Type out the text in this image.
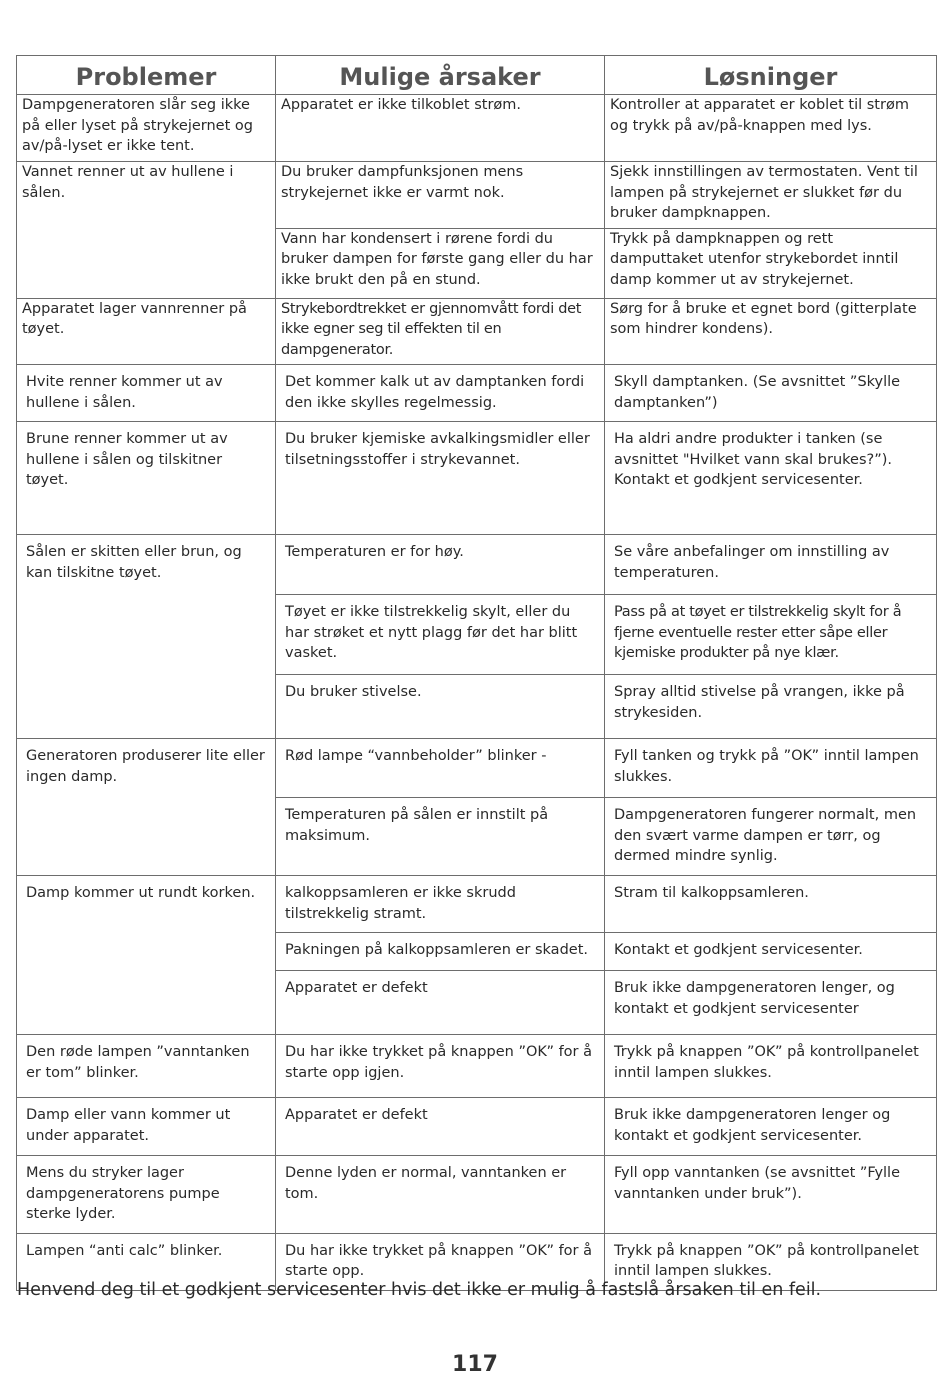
Problemer	Mulige årsaker	Løsninger
Dampgeneratoren slår seg ikke på eller lyset på strykejernet og av/på-lyset er ikke tent.	Apparatet er ikke tilkoblet strøm.	Kontroller at apparatet er koblet til strøm og trykk på av/på-knappen med lys.
Vannet renner ut av hullene i sålen.	Du bruker dampfunksjonen mens strykejernet ikke er varmt nok.	Sjekk innstillingen av termostaten. Vent til lampen på strykejernet er slukket før du bruker dampknappen.
	Vann har kondensert i rørene fordi du bruker dampen for første gang eller du har ikke brukt den på en stund.	Trykk på dampknappen og rett damputtaket utenfor strykebordet inntil damp kommer ut av strykejernet.
Apparatet lager vannrenner på tøyet.	Strykebordtrekket er gjennomvått fordi det ikke egner seg til effekten til en dampgenerator.	Sørg for å bruke et egnet bord (gitterplate som hindrer kondens).
Hvite renner kommer ut av hullene i sålen.	Det kommer kalk ut av damptanken fordi den ikke skylles regelmessig.	Skyll damptanken. (Se avsnittet ”Skylle damptanken”)
Brune renner kommer ut av hullene i sålen og tilskitner tøyet.	Du bruker kjemiske avkalkingsmidler eller tilsetningsstoffer i strykevannet.	Ha aldri andre produkter i tanken (se avsnittet "Hvilket vann skal brukes?”). Kontakt et godkjent servicesenter.
Sålen er skitten eller brun, og kan tilskitne tøyet.	Temperaturen er for høy.	Se våre anbefalinger om innstilling av temperaturen.
	Tøyet er ikke tilstrekkelig skylt, eller du har strøket et nytt plagg før det har blitt vasket.	Pass på at tøyet er tilstrekkelig skylt for å fjerne eventuelle rester etter såpe eller kjemiske produkter på nye klær.
	Du bruker stivelse.	Spray alltid stivelse på vrangen, ikke på strykesiden.
Generatoren produserer lite eller ingen damp.	Rød lampe “vannbeholder” blinker -	Fyll tanken og trykk på ”OK” inntil lampen slukkes.
	Temperaturen på sålen er innstilt på maksimum.	Dampgeneratoren fungerer normalt, men den svært varme dampen er tørr, og dermed mindre synlig.
Damp kommer ut rundt korken.	kalkoppsamleren er ikke skrudd tilstrekkelig stramt.	Stram til kalkoppsamleren.
	Pakningen på kalkoppsamleren er skadet.	Kontakt et godkjent servicesenter.
	Apparatet er defekt	Bruk ikke dampgeneratoren lenger, og kontakt et godkjent servicesenter
Den røde lampen ”vanntanken er tom” blinker.	Du har ikke trykket på knappen ”OK” for å starte opp igjen.	Trykk på knappen ”OK” på kontrollpanelet inntil lampen slukkes.
Damp eller vann kommer ut under apparatet.	Apparatet er defekt	Bruk ikke dampgeneratoren lenger og kontakt et godkjent servicesenter.
Mens du stryker lager dampgeneratorens pumpe sterke lyder.	Denne lyden er normal, vanntanken er tom.	Fyll opp vanntanken (se avsnittet ”Fylle vanntanken under bruk”).
Lampen “anti calc” blinker.	Du har ikke trykket på knappen ”OK” for å starte opp.	Trykk på knappen ”OK” på kontrollpanelet inntil lampen slukkes.
Henvend deg til et godkjent servicesenter hvis det ikke er mulig å fastslå årsaken til en feil.
117
